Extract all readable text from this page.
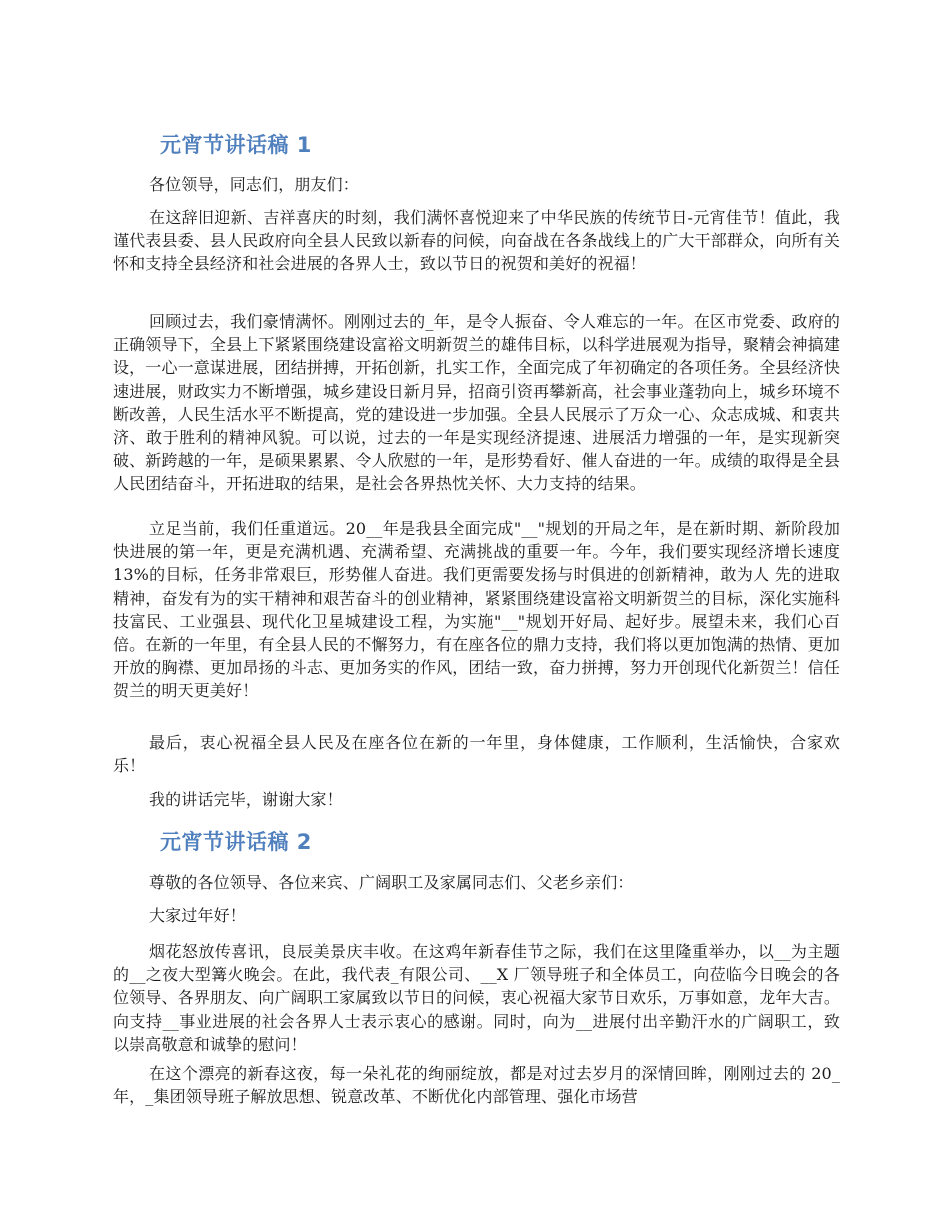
元宵节讲话稿 1

各位领导，同志们，朋友们：

在这辞旧迎新、吉祥喜庆的时刻，我们满怀喜悦迎来了中华民族的传统节日-元宵佳节！值此，我谨代表县委、县人民政府向全县人民致以新春的问候，向奋战在各条战线上的广大干部群众，向所有关怀和支持全县经济和社会进展的各界人士，致以节日的祝贺和美好的祝福！

回顾过去，我们豪情满怀。刚刚过去的_年，是令人振奋、令人难忘的一年。在区市党委、政府的正确领导下，全县上下紧紧围绕建设富裕文明新贺兰的雄伟目标，以科学进展观为指导，聚精会神搞建设，一心一意谋进展，团结拼搏，开拓创新，扎实工作，全面完成了年初确定的各项任务。全县经济快速进展，财政实力不断增强，城乡建设日新月异，招商引资再攀新高，社会事业蓬勃向上，城乡环境不断改善，人民生活水平不断提高，党的建设进一步加强。全县人民展示了万众一心、众志成城、和衷共济、敢于胜利的精神风貌。可以说，过去的一年是实现经济提速、进展活力增强的一年，是实现新突破、新跨越的一年，是硕果累累、令人欣慰的一年，是形势看好、催人奋进的一年。成绩的取得是全县人民团结奋斗，开拓进取的结果，是社会各界热忱关怀、大力支持的结果。

立足当前，我们任重道远。20__年是我县全面完成"__"规划的开局之年，是在新时期、新阶段加快进展的第一年，更是充满机遇、充满希望、充满挑战的重要一年。今年，我们要实现经济增长速度13%的目标，任务非常艰巨，形势催人奋进。我们更需要发扬与时俱进的创新精神，敢为人 先的进取精神，奋发有为的实干精神和艰苦奋斗的创业精神，紧紧围绕建设富裕文明新贺兰的目标，深化实施科技富民、工业强县、现代化卫星城建设工程，为实施"__"规划开好局、起好步。展望未来，我们心百倍。在新的一年里，有全县人民的不懈努力，有在座各位的鼎力支持，我们将以更加饱满的热情、更加开放的胸襟、更加昂扬的斗志、更加务实的作风，团结一致，奋力拼搏，努力开创现代化新贺兰！信任贺兰的明天更美好！

最后，衷心祝福全县人民及在座各位在新的一年里，身体健康，工作顺利，生活愉快，合家欢乐！

我的讲话完毕，谢谢大家！

元宵节讲话稿 2

尊敬的各位领导、各位来宾、广阔职工及家属同志们、父老乡亲们：

大家过年好！

烟花怒放传喜讯，良辰美景庆丰收。在这鸡年新春佳节之际，我们在这里隆重举办，以__为主题的__之夜大型篝火晚会。在此，我代表_有限公司、__X 厂领导班子和全体员工，向莅临今日晚会的各位领导、各界朋友、向广阔职工家属致以节日的问候，衷心祝福大家节日欢乐，万事如意，龙年大吉。向支持__事业进展的社会各界人士表示衷心的感谢。同时，向为__进展付出辛勤汗水的广阔职工，致以崇高敬意和诚挚的慰问！

在这个漂亮的新春这夜，每一朵礼花的绚丽绽放，都是对过去岁月的深情回眸，刚刚过去的 20_年，_集团领导班子解放思想、锐意改革、不断优化内部管理、强化市场营
